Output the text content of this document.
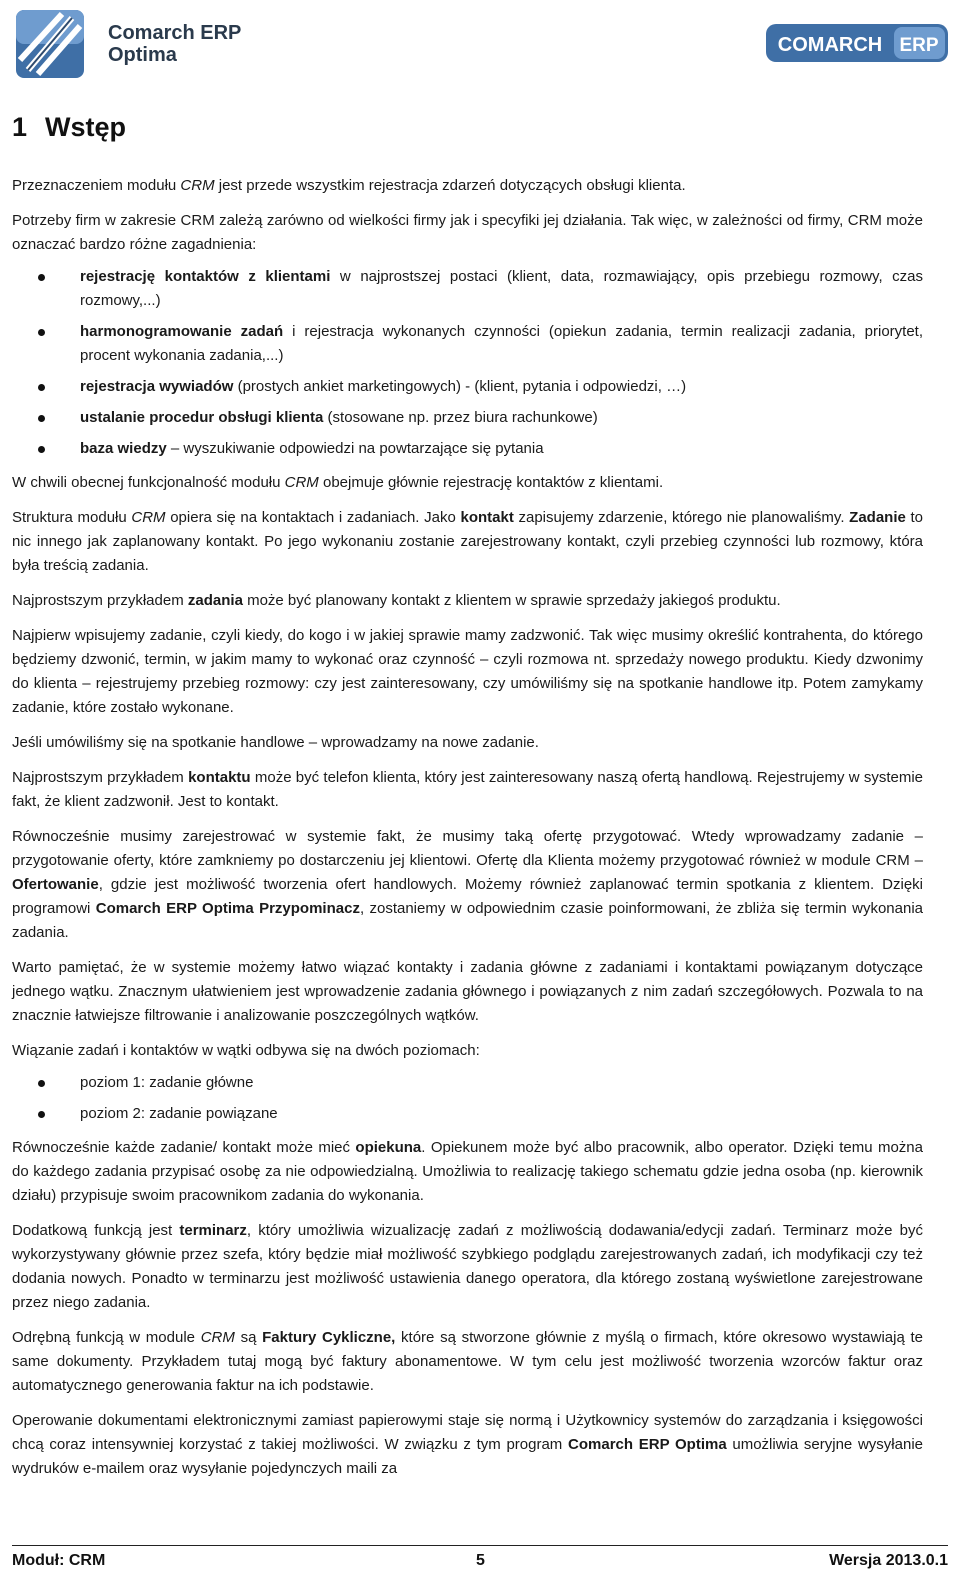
Comarch ERP
Optima	COMARCH ERP
1 Wstęp

Przeznaczeniem modułu CRM jest przede wszystkim rejestracja zdarzeń dotyczących obsługi klienta.

Potrzeby firm w zakresie CRM zależą zarówno od wielkości firmy jak i specyfiki jej działania. Tak więc, w zależności od firmy, CRM może oznaczać bardzo różne zagadnienia:

rejestrację kontaktów z klientami w najprostszej postaci (klient, data, rozmawiający, opis przebiegu rozmowy, czas rozmowy,...)
harmonogramowanie zadań i rejestracja wykonanych czynności (opiekun zadania, termin realizacji zadania, priorytet, procent wykonania zadania,...)
rejestracja wywiadów (prostych ankiet marketingowych) - (klient, pytania i odpowiedzi, …)
ustalanie procedur obsługi klienta (stosowane np. przez biura rachunkowe)
baza wiedzy – wyszukiwanie odpowiedzi na powtarzające się pytania

W chwili obecnej funkcjonalność modułu CRM obejmuje głównie rejestrację kontaktów z klientami.

Struktura modułu CRM opiera się na kontaktach i zadaniach. Jako kontakt zapisujemy zdarzenie, którego nie planowaliśmy. Zadanie to nic innego jak zaplanowany kontakt. Po jego wykonaniu zostanie zarejestrowany kontakt, czyli przebieg czynności lub rozmowy, która była treścią zadania.

Najprostszym przykładem zadania może być planowany kontakt z klientem w sprawie sprzedaży jakiegoś produktu.

Najpierw wpisujemy zadanie, czyli kiedy, do kogo i w jakiej sprawie mamy zadzwonić. Tak więc musimy określić kontrahenta, do którego będziemy dzwonić, termin, w jakim mamy to wykonać oraz czynność – czyli rozmowa nt. sprzedaży nowego produktu. Kiedy dzwonimy do klienta – rejestrujemy przebieg rozmowy: czy jest zainteresowany, czy umówiliśmy się na spotkanie handlowe itp. Potem zamykamy zadanie, które zostało wykonane.

Jeśli umówiliśmy się na spotkanie handlowe – wprowadzamy na nowe zadanie.

Najprostszym przykładem kontaktu może być telefon klienta, który jest zainteresowany naszą ofertą handlową. Rejestrujemy w systemie fakt, że klient zadzwonił. Jest to kontakt.

Równocześnie musimy zarejestrować w systemie fakt, że musimy taką ofertę przygotować. Wtedy wprowadzamy zadanie – przygotowanie oferty, które zamkniemy po dostarczeniu jej klientowi. Ofertę dla Klienta możemy przygotować również w module CRM – Ofertowanie, gdzie jest możliwość tworzenia ofert handlowych. Możemy również zaplanować termin spotkania z klientem. Dzięki programowi Comarch ERP Optima Przypominacz, zostaniemy w odpowiednim czasie poinformowani, że zbliża się termin wykonania zadania.

Warto pamiętać, że w systemie możemy łatwo wiązać kontakty i zadania główne z zadaniami i kontaktami powiązanym dotyczące jednego wątku. Znacznym ułatwieniem jest wprowadzenie zadania głównego i powiązanych z nim zadań szczegółowych. Pozwala to na znacznie łatwiejsze filtrowanie i analizowanie poszczególnych wątków.

Wiązanie zadań i kontaktów w wątki odbywa się na dwóch poziomach:

poziom 1: zadanie główne
poziom 2: zadanie powiązane

Równocześnie każde zadanie/ kontakt może mieć opiekuna. Opiekunem może być albo pracownik, albo operator. Dzięki temu można do każdego zadania przypisać osobę za nie odpowiedzialną. Umożliwia to realizację takiego schematu gdzie jedna osoba (np. kierownik działu) przypisuje swoim pracownikom zadania do wykonania.

Dodatkową funkcją jest terminarz, który umożliwia wizualizację zadań z możliwością dodawania/edycji zadań. Terminarz może być wykorzystywany głównie przez szefa, który będzie miał możliwość szybkiego podglądu zarejestrowanych zadań, ich modyfikacji czy też dodania nowych. Ponadto w terminarzu jest możliwość ustawienia danego operatora, dla którego zostaną wyświetlone zarejestrowane przez niego zadania.

Odrębną funkcją w module CRM są Faktury Cykliczne, które są stworzone głównie z myślą o firmach, które okresowo wystawiają te same dokumenty. Przykładem tutaj mogą być faktury abonamentowe. W tym celu jest możliwość tworzenia wzorców faktur oraz automatycznego generowania faktur na ich podstawie.

Operowanie dokumentami elektronicznymi zamiast papierowymi staje się normą i Użytkownicy systemów do zarządzania i księgowości chcą coraz intensywniej korzystać z takiej możliwości. W związku z tym program Comarch ERP Optima umożliwia seryjne wysyłanie wydruków e-mailem oraz wysyłanie pojedynczych maili za

Moduł: CRM	5	Wersja 2013.0.1
